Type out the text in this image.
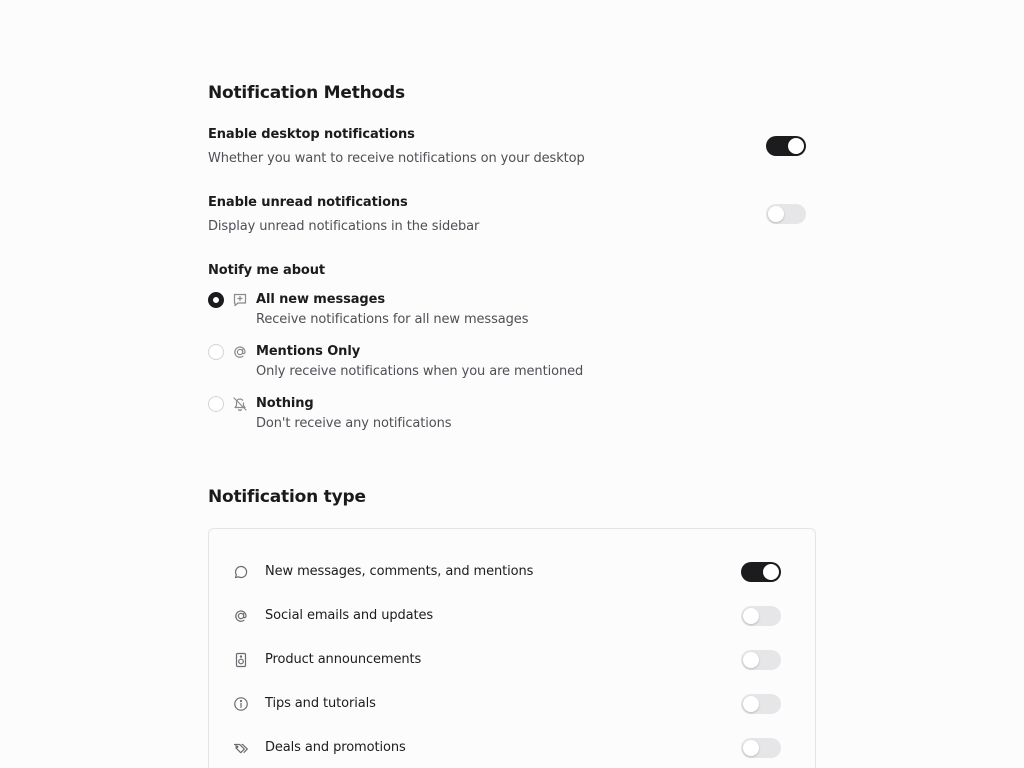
Notification Methods
Enable desktop notifications
Whether you want to receive notifications on your desktop
Enable unread notifications
Display unread notifications in the sidebar
Notify me about
All new messages
Receive notifications for all new messages
Mentions Only
Only receive notifications when you are mentioned
Nothing
Don't receive any notifications
Notification type
New messages, comments, and mentions
Social emails and updates
Product announcements
Tips and tutorials
Deals and promotions
